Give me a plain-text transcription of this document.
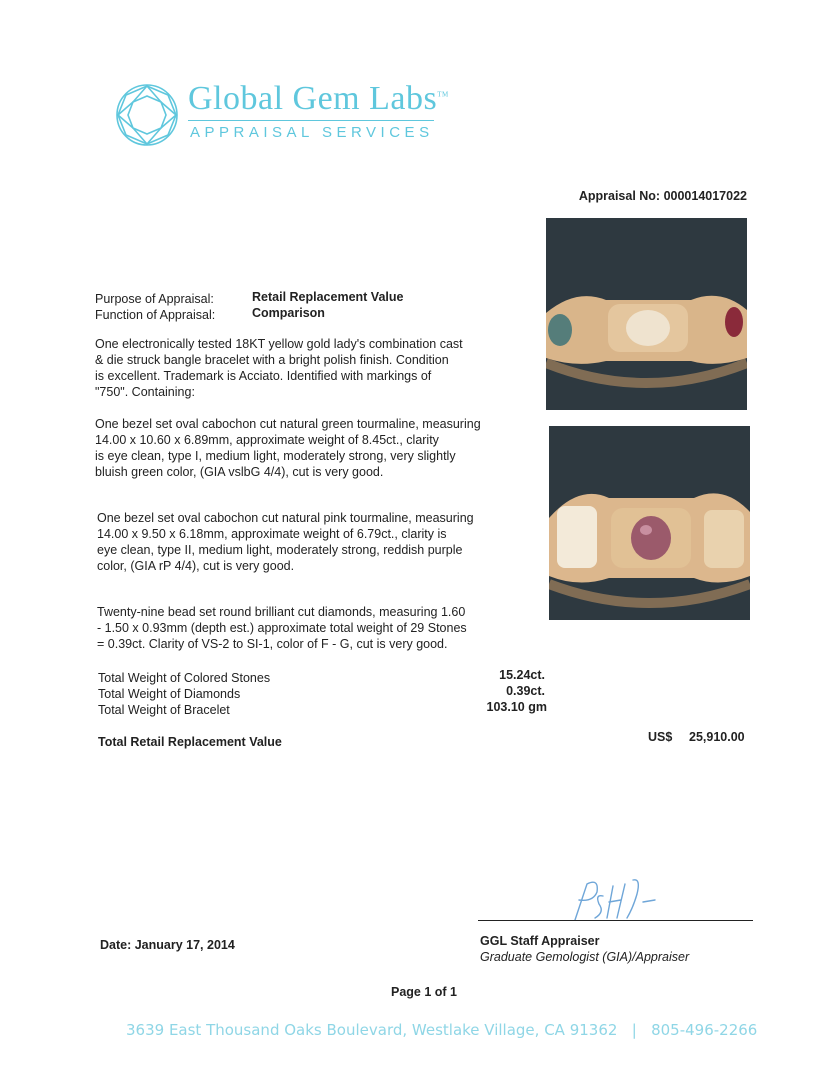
Global Gem Labs™
APPRAISAL SERVICES
Appraisal No: 000014017022
Purpose of Appraisal:	Retail Replacement Value
Function of Appraisal:	Comparison
One electronically tested 18KT yellow gold lady's combination cast
& die struck bangle bracelet with a bright polish finish. Condition
is excellent. Trademark is Acciato. Identified with markings of
"750". Containing:
One bezel set oval cabochon cut natural green tourmaline, measuring
14.00 x 10.60 x 6.89mm, approximate weight of 8.45ct., clarity
is eye clean, type I, medium light, moderately strong, very slightly
bluish green color, (GIA vslbG 4/4), cut is very good.
One bezel set oval cabochon cut natural pink tourmaline, measuring
14.00 x 9.50 x 6.18mm, approximate weight of 6.79ct., clarity is
eye clean, type II, medium light, moderately strong, reddish purple
color, (GIA rP 4/4), cut is very good.
Twenty-nine bead set round brilliant cut diamonds, measuring 1.60
- 1.50 x 0.93mm (depth est.) approximate total weight of 29 Stones
= 0.39ct. Clarity of VS-2 to SI-1, color of F - G, cut is very good.
Total Weight of Colored Stones	15.24ct.
Total Weight of Diamonds	0.39ct.
Total Weight of Bracelet	103.10 gm
Total Retail Replacement Value	US$ 25,910.00
Date: January 17, 2014	GGL Staff Appraiser
Graduate Gemologist (GIA)/Appraiser
Page 1 of 1
3639 East Thousand Oaks Boulevard, Westlake Village, CA 91362   |   805-496-2266
